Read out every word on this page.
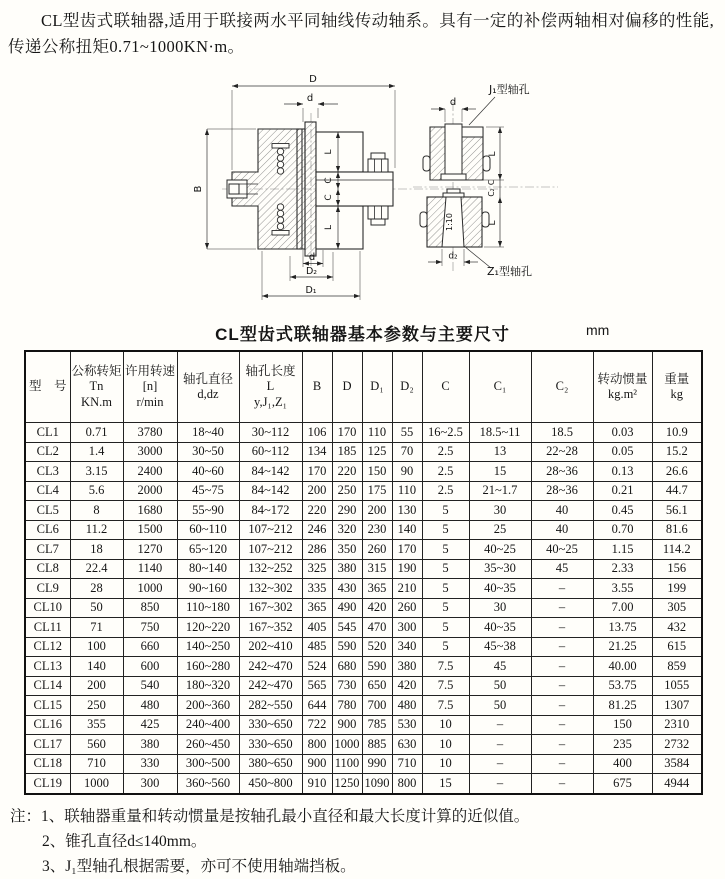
CL型齿式联轴器,适用于联接两水平同轴线传动轴系。具有一定的补偿两轴相对偏移的性能,传递公称扭矩0.71~1000KN·m。

D
d
B
L
C
C
L
d
D₂
D₁
1:10
d
L
C
C₂
L
d₂
J₁型轴孔
Z₁型轴孔
CL型齿式联轴器基本参数与主要尺寸	mm
型　号

公称转矩
Tn
KN.m

许用转速
[n]
r/min

轴孔直径
d,dz

轴孔长度
L
y,J₁,Z₁

B	D	D₁	D₂	C	C₁	C₂

转动惯量
kg.m²

重量
kg

CL1	0.71	3780	18~40	30~112	106	170	110	55	16~2.5	18.5~11	18.5	0.03	10.9
CL2	1.4	3000	30~50	60~112	134	185	125	70	2.5	13	22~28	0.05	15.2
CL3	3.15	2400	40~60	84~142	170	220	150	90	2.5	15	28~36	0.13	26.6
CL4	5.6	2000	45~75	84~142	200	250	175	110	2.5	21~1.7	28~36	0.21	44.7
CL5	8	1680	55~90	84~172	220	290	200	130	5	30	40	0.45	56.1
CL6	11.2	1500	60~110	107~212	246	320	230	140	5	25	40	0.70	81.6
CL7	18	1270	65~120	107~212	286	350	260	170	5	40~25	40~25	1.15	114.2
CL8	22.4	1140	80~140	132~252	325	380	315	190	5	35~30	45	2.33	156
CL9	28	1000	90~160	132~302	335	430	365	210	5	40~35	–	3.55	199
CL10	50	850	110~180	167~302	365	490	420	260	5	30	–	7.00	305
CL11	71	750	120~220	167~352	405	545	470	300	5	40~35	–	13.75	432
CL12	100	660	140~250	202~410	485	590	520	340	5	45~38	–	21.25	615
CL13	140	600	160~280	242~470	524	680	590	380	7.5	45	–	40.00	859
CL14	200	540	180~320	242~470	565	730	650	420	7.5	50	–	53.75	1055
CL15	250	480	200~360	282~550	644	780	700	480	7.5	50	–	81.25	1307
CL16	355	425	240~400	330~650	722	900	785	530	10	–	–	150	2310
CL17	560	380	260~450	330~650	800	1000	885	630	10	–	–	235	2732
CL18	710	330	300~500	380~650	900	1100	990	710	10	–	–	400	3584
CL19	1000	300	360~560	450~800	910	1250	1090	800	15	–	–	675	4944
注：1、联轴器重量和转动惯量是按轴孔最小直径和最大长度计算的近似值。
2、锥孔直径d≤140mm。
3、J₁型轴孔根据需要，亦可不使用轴端挡板。
